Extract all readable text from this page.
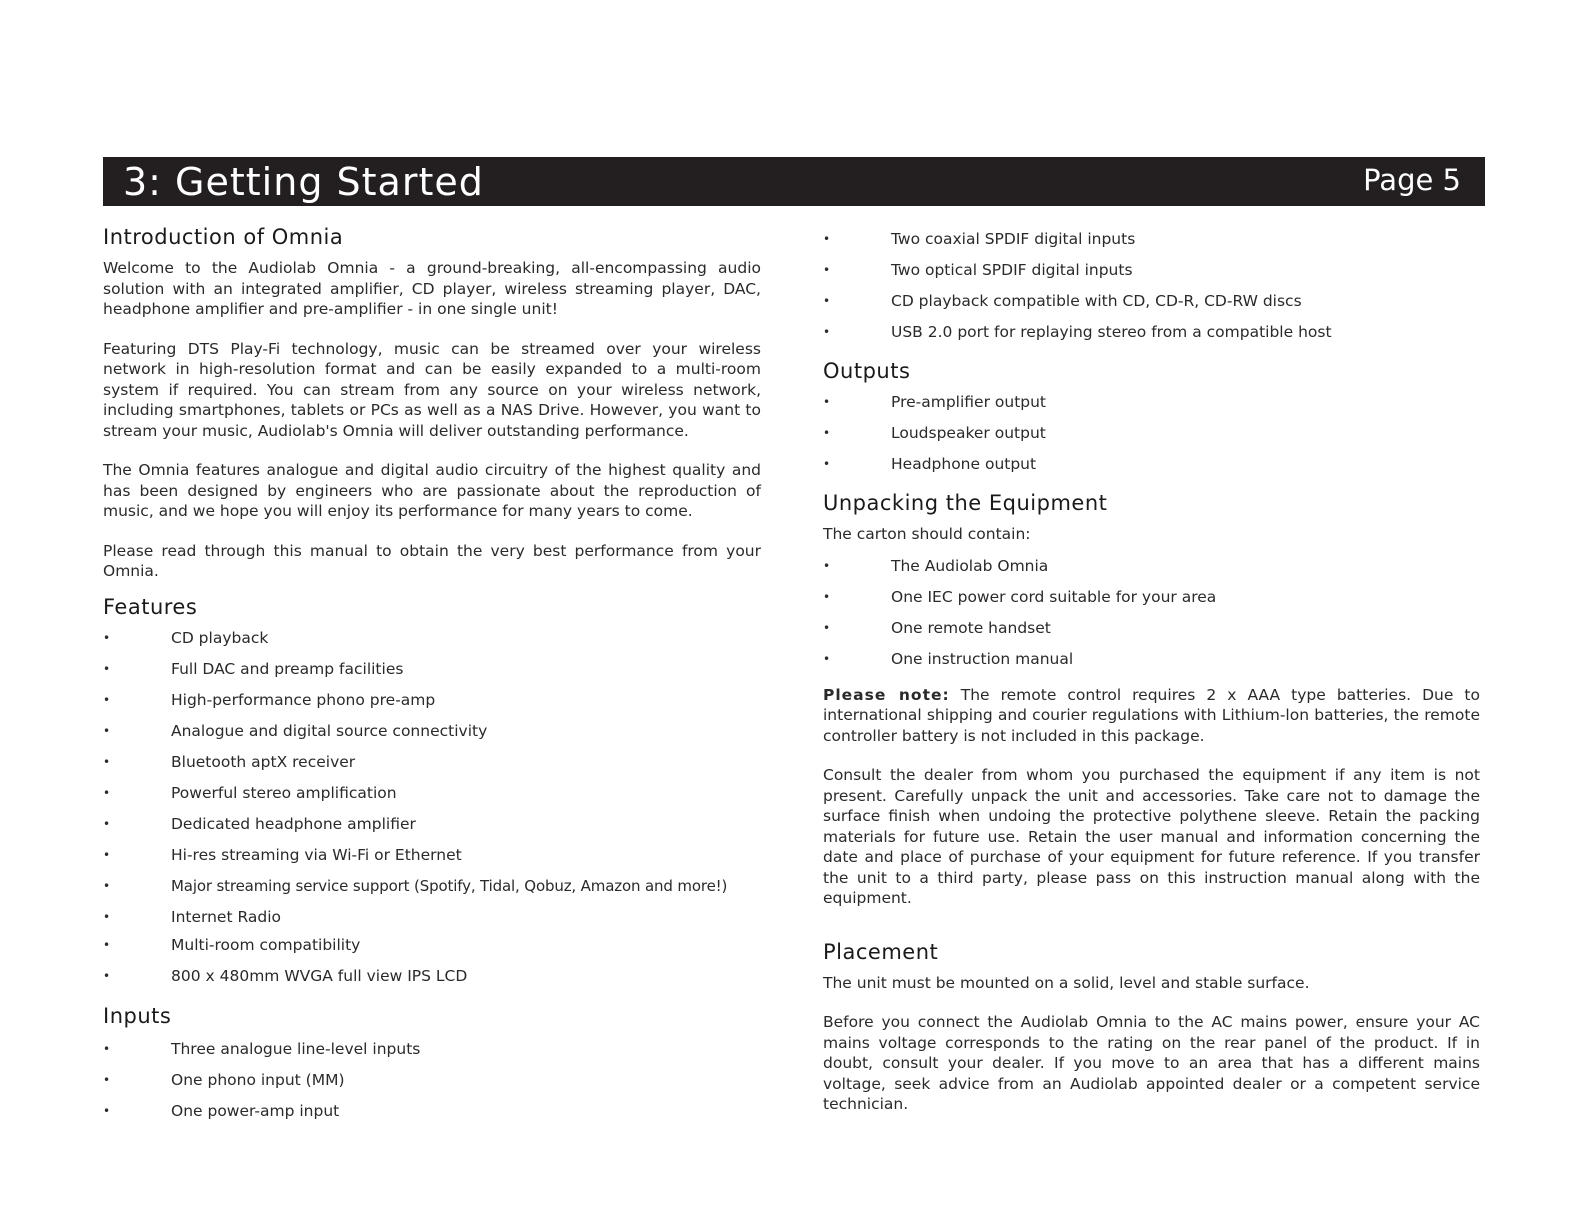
3: Getting Started	Page 5
Introduction of Omnia

Welcome to the Audiolab Omnia - a ground-breaking, all-encompassing audio solution with an integrated amplifier, CD player, wireless streaming player, DAC, headphone amplifier and pre-amplifier - in one single unit!

Featuring DTS Play-Fi technology, music can be streamed over your wireless network in high-resolution format and can be easily expanded to a multi-room system if required. You can stream from any source on your wireless network, including smartphones, tablets or PCs as well as a NAS Drive. However, you want to stream your music, Audiolab's Omnia will deliver outstanding performance.

The Omnia features analogue and digital audio circuitry of the highest quality and has been designed by engineers who are passionate about the reproduction of music, and we hope you will enjoy its performance for many years to come.

Please read through this manual to obtain the very best performance from your Omnia.

Features
•	CD playback
•	Full DAC and preamp facilities
•	High-performance phono pre-amp
•	Analogue and digital source connectivity
•	Bluetooth aptX receiver
•	Powerful stereo amplification
•	Dedicated headphone amplifier
•	Hi-res streaming via Wi-Fi or Ethernet
•	Major streaming service support (Spotify, Tidal, Qobuz, Amazon and more!)
•	Internet Radio
•	Multi-room compatibility
•	800 x 480mm WVGA full view IPS LCD
Inputs
•	Three analogue line-level inputs
•	One phono input (MM)
•	One power-amp input
•	Two coaxial SPDIF digital inputs
•	Two optical SPDIF digital inputs
•	CD playback compatible with CD, CD-R, CD-RW discs
•	USB 2.0 port for replaying stereo from a compatible host
Outputs
•	Pre-amplifier output
•	Loudspeaker output
•	Headphone output
Unpacking the Equipment

The carton should contain:

•	The Audiolab Omnia
•	One IEC power cord suitable for your area
•	One remote handset
•	One instruction manual

Please note: The remote control requires 2 x AAA type batteries. Due to international shipping and courier regulations with Lithium-lon batteries, the remote controller battery is not included in this package.

Consult the dealer from whom you purchased the equipment if any item is not present. Carefully unpack the unit and accessories. Take care not to damage the surface finish when undoing the protective polythene sleeve. Retain the packing materials for future use. Retain the user manual and information concerning the date and place of purchase of your equipment for future reference. If you transfer the unit to a third party, please pass on this instruction manual along with the equipment.

Placement

The unit must be mounted on a solid, level and stable surface.

Before you connect the Audiolab Omnia to the AC mains power, ensure your AC mains voltage corresponds to the rating on the rear panel of the product. If in doubt, consult your dealer. If you move to an area that has a different mains voltage, seek advice from an Audiolab appointed dealer or a competent service technician.
